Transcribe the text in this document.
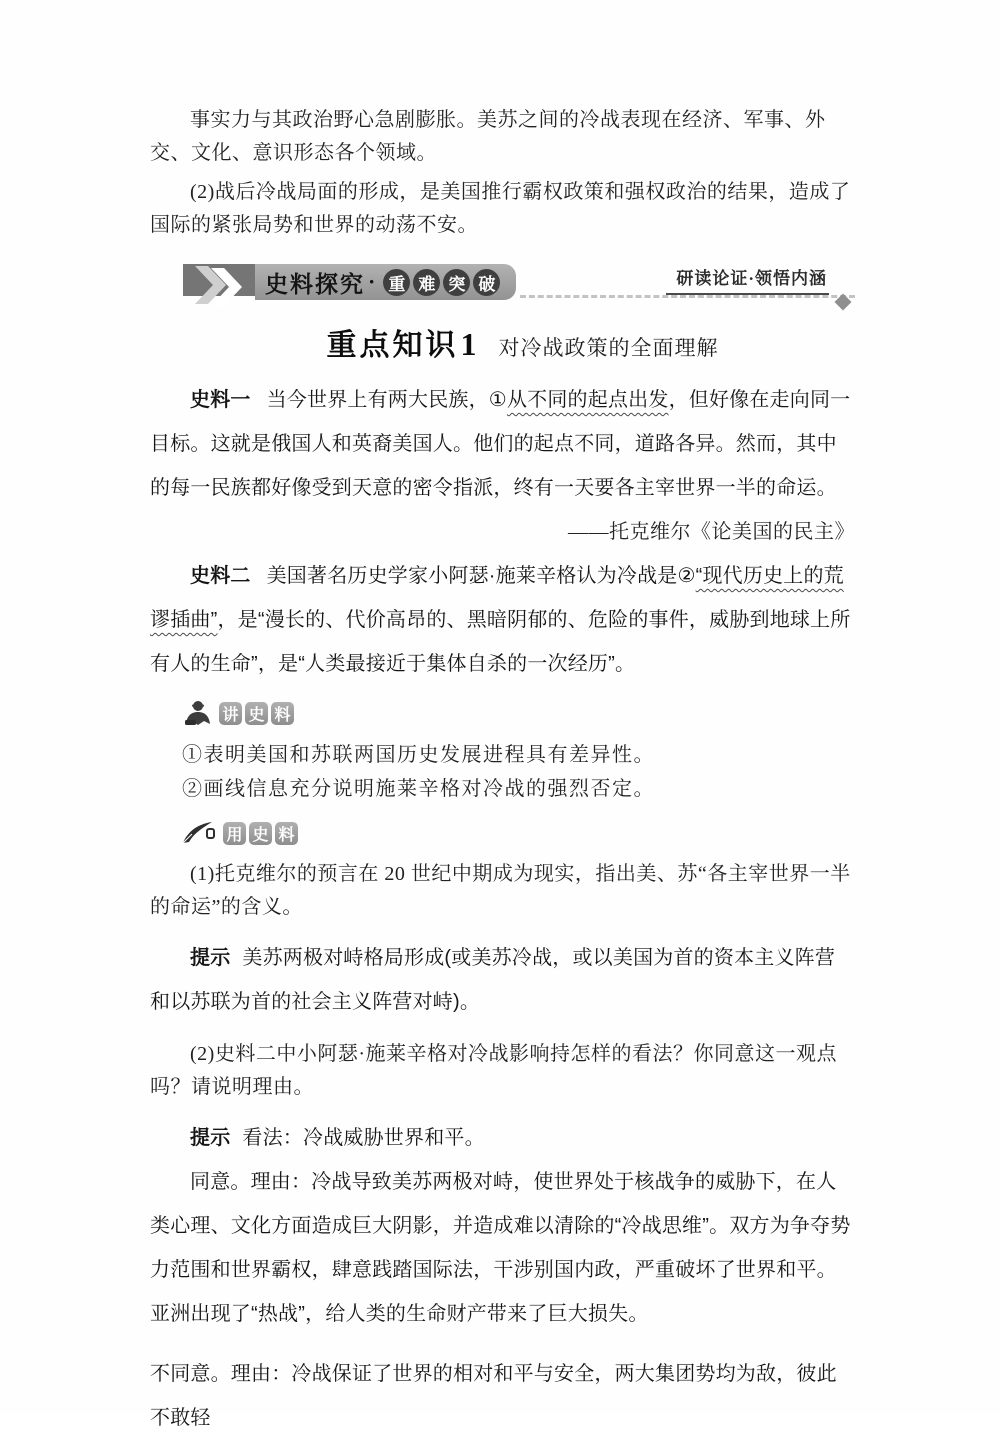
事实力与其政治野心急剧膨胀。美苏之间的冷战表现在经济、军事、外交、文化、意识形态各个领域。

(2)战后冷战局面的形成，是美国推行霸权政策和强权政治的结果，造成了国际的紧张局势和世界的动荡不安。

史料探究 · 重 难 突 破	研读论证·领悟内涵
重点知识 1 对冷战政策的全面理解

史料一 当今世界上有两大民族，①从不同的起点出发，但好像在走向同一目标。这就是俄国人和英裔美国人。他们的起点不同，道路各异。然而，其中的每一民族都好像受到天意的密令指派，终有一天要各主宰世界一半的命运。

——托克维尔《论美国的民主》

史料二 美国著名历史学家小阿瑟·施莱辛格认为冷战是②“现代历史上的荒谬插曲”，是“漫长的、代价高昂的、黑暗阴郁的、危险的事件，威胁到地球上所有人的生命”，是“人类最接近于集体自杀的一次经历”。

讲 史 料

①表明美国和苏联两国历史发展进程具有差异性。

②画线信息充分说明施莱辛格对冷战的强烈否定。

用 史 料

(1)托克维尔的预言在 20 世纪中期成为现实，指出美、苏“各主宰世界一半的命运”的含义。

提示 美苏两极对峙格局形成(或美苏冷战，或以美国为首的资本主义阵营和以苏联为首的社会主义阵营对峙)。

(2)史料二中小阿瑟·施莱辛格对冷战影响持怎样的看法？你同意这一观点吗？请说明理由。

提示 看法：冷战威胁世界和平。

同意。理由：冷战导致美苏两极对峙，使世界处于核战争的威胁下，在人类心理、文化方面造成巨大阴影，并造成难以清除的“冷战思维”。双方为争夺势力范围和世界霸权，肆意践踏国际法，干涉别国内政，严重破坏了世界和平。亚洲出现了“热战”，给人类的生命财产带来了巨大损失。

不同意。理由：冷战保证了世界的相对和平与安全，两大集团势均为敌，彼此不敢轻
